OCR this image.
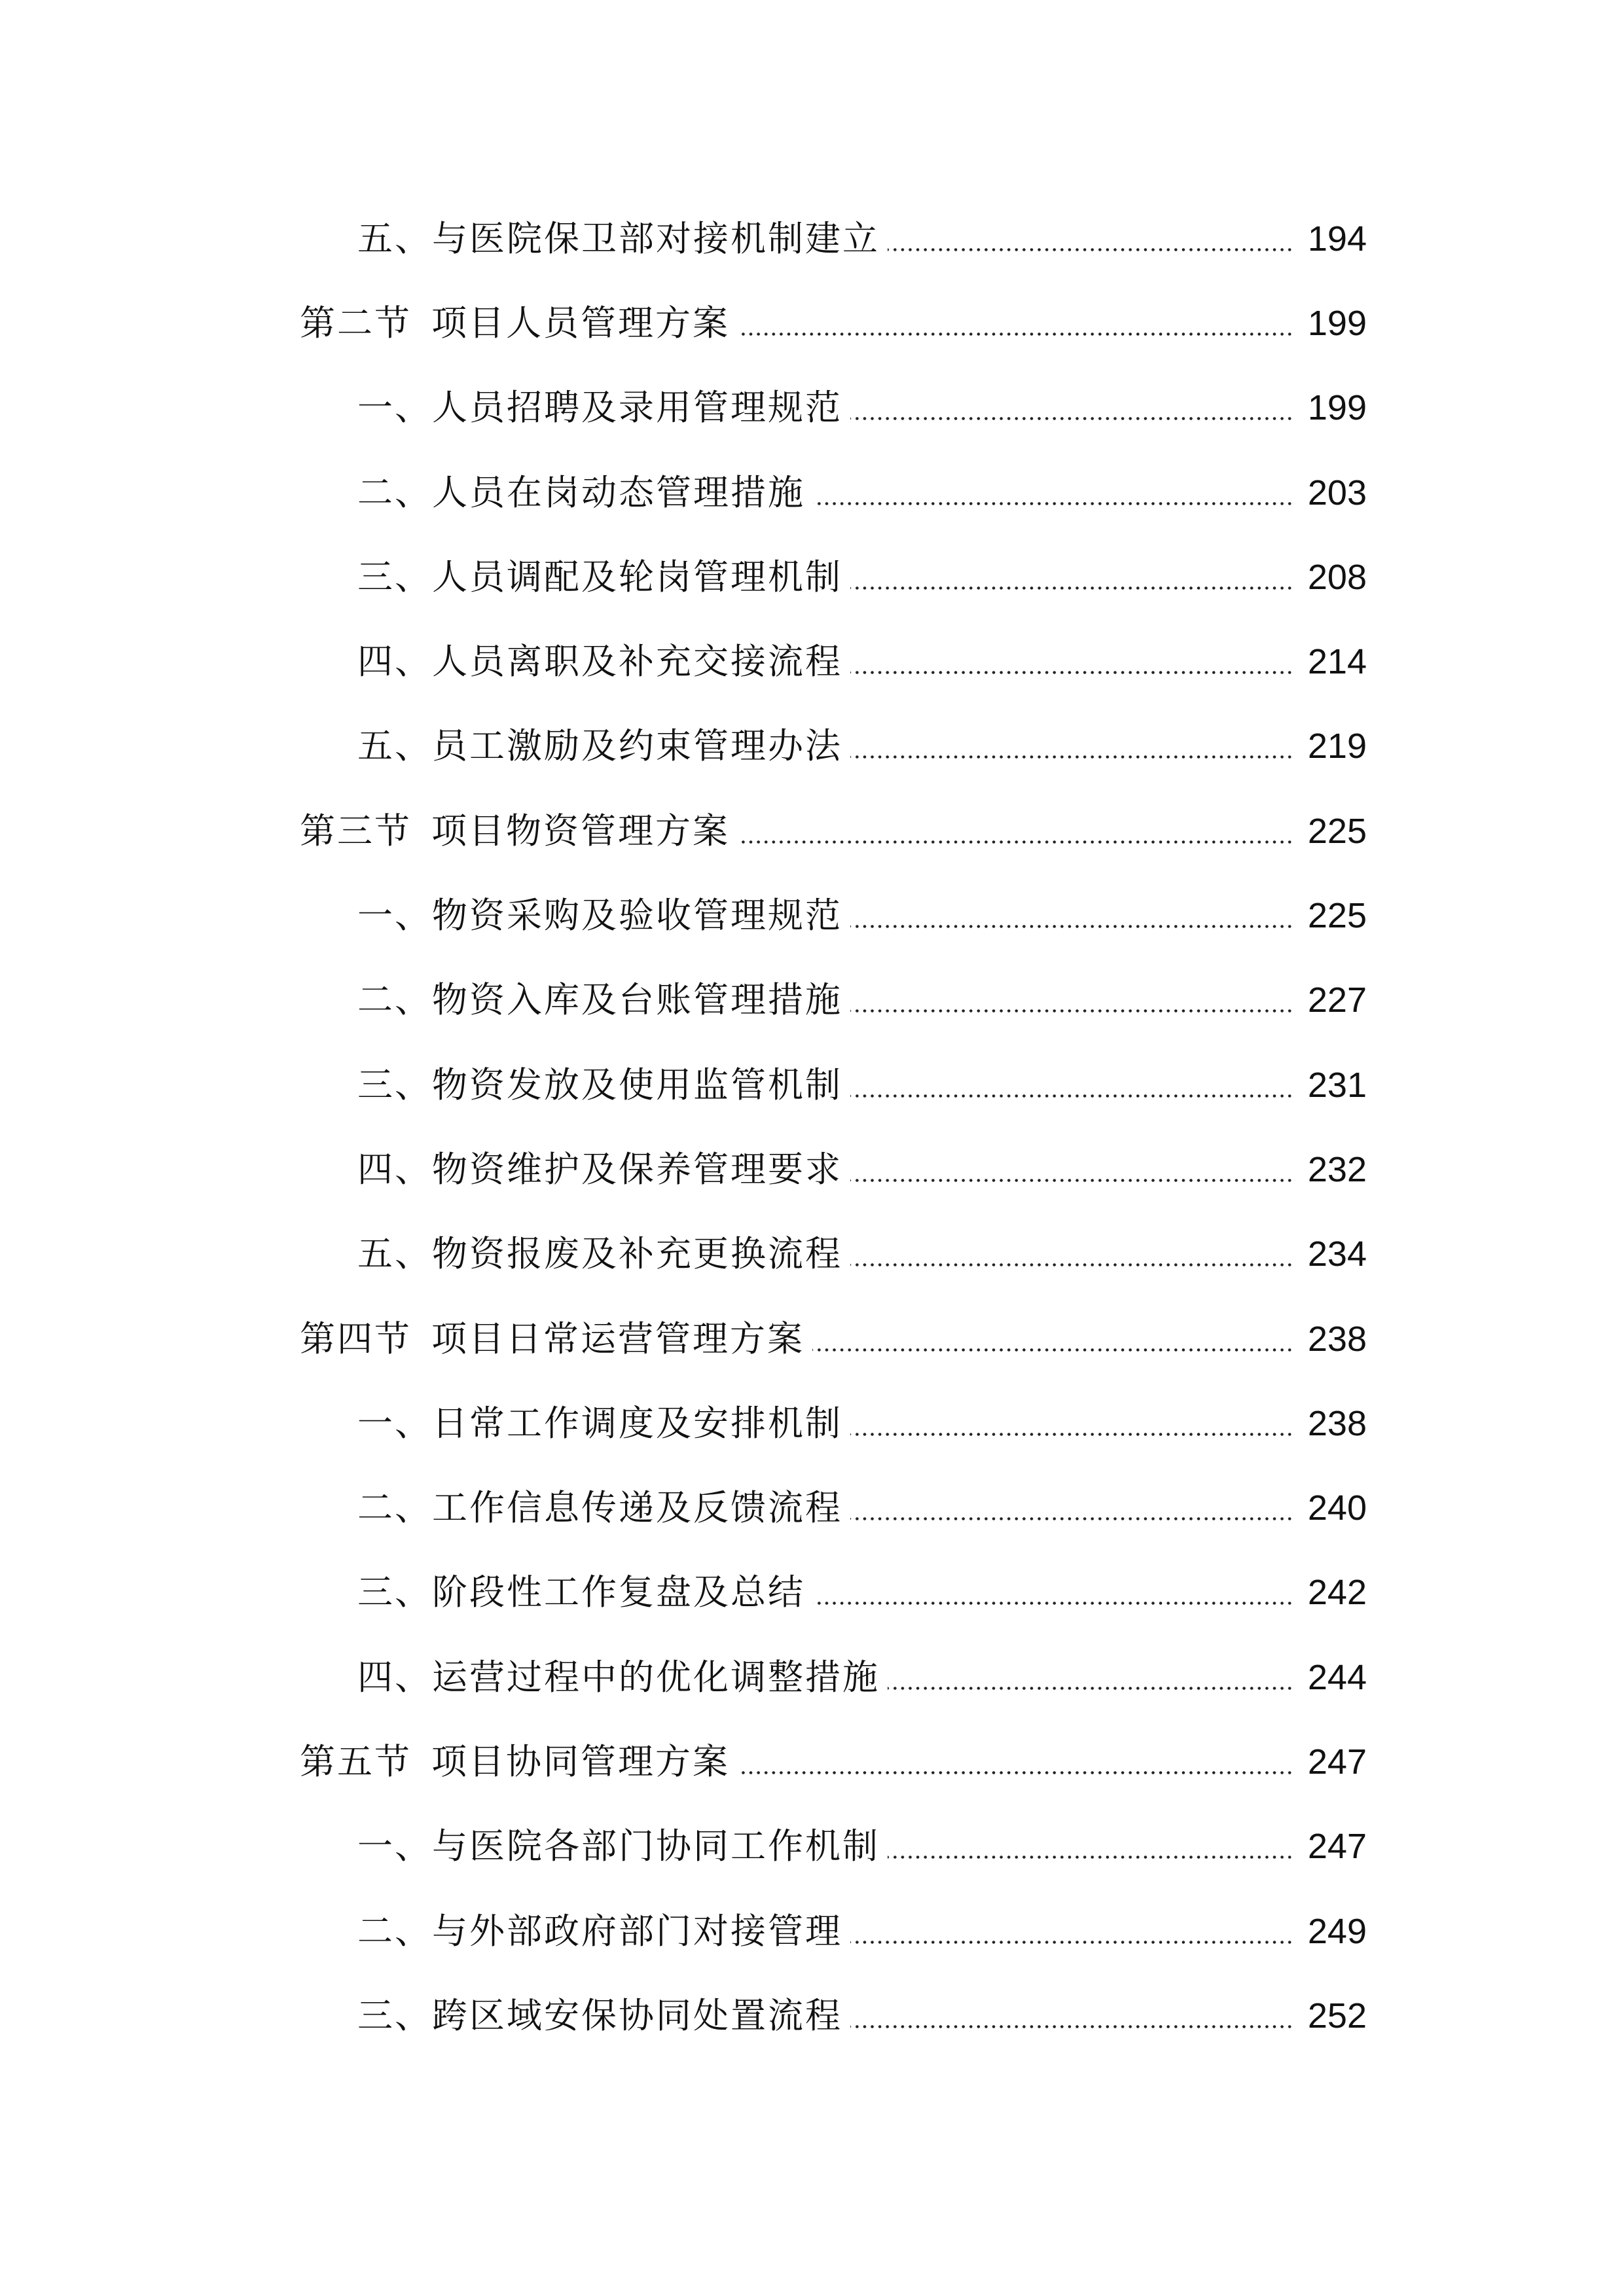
五、与医院保卫部对接机制建立	194
第二节 项目人员管理方案	199
一、人员招聘及录用管理规范	199
二、人员在岗动态管理措施	203
三、人员调配及轮岗管理机制	208
四、人员离职及补充交接流程	214
五、员工激励及约束管理办法	219
第三节 项目物资管理方案	225
一、物资采购及验收管理规范	225
二、物资入库及台账管理措施	227
三、物资发放及使用监管机制	231
四、物资维护及保养管理要求	232
五、物资报废及补充更换流程	234
第四节 项目日常运营管理方案	238
一、日常工作调度及安排机制	238
二、工作信息传递及反馈流程	240
三、阶段性工作复盘及总结	242
四、运营过程中的优化调整措施	244
第五节 项目协同管理方案	247
一、与医院各部门协同工作机制	247
二、与外部政府部门对接管理	249
三、跨区域安保协同处置流程	252
